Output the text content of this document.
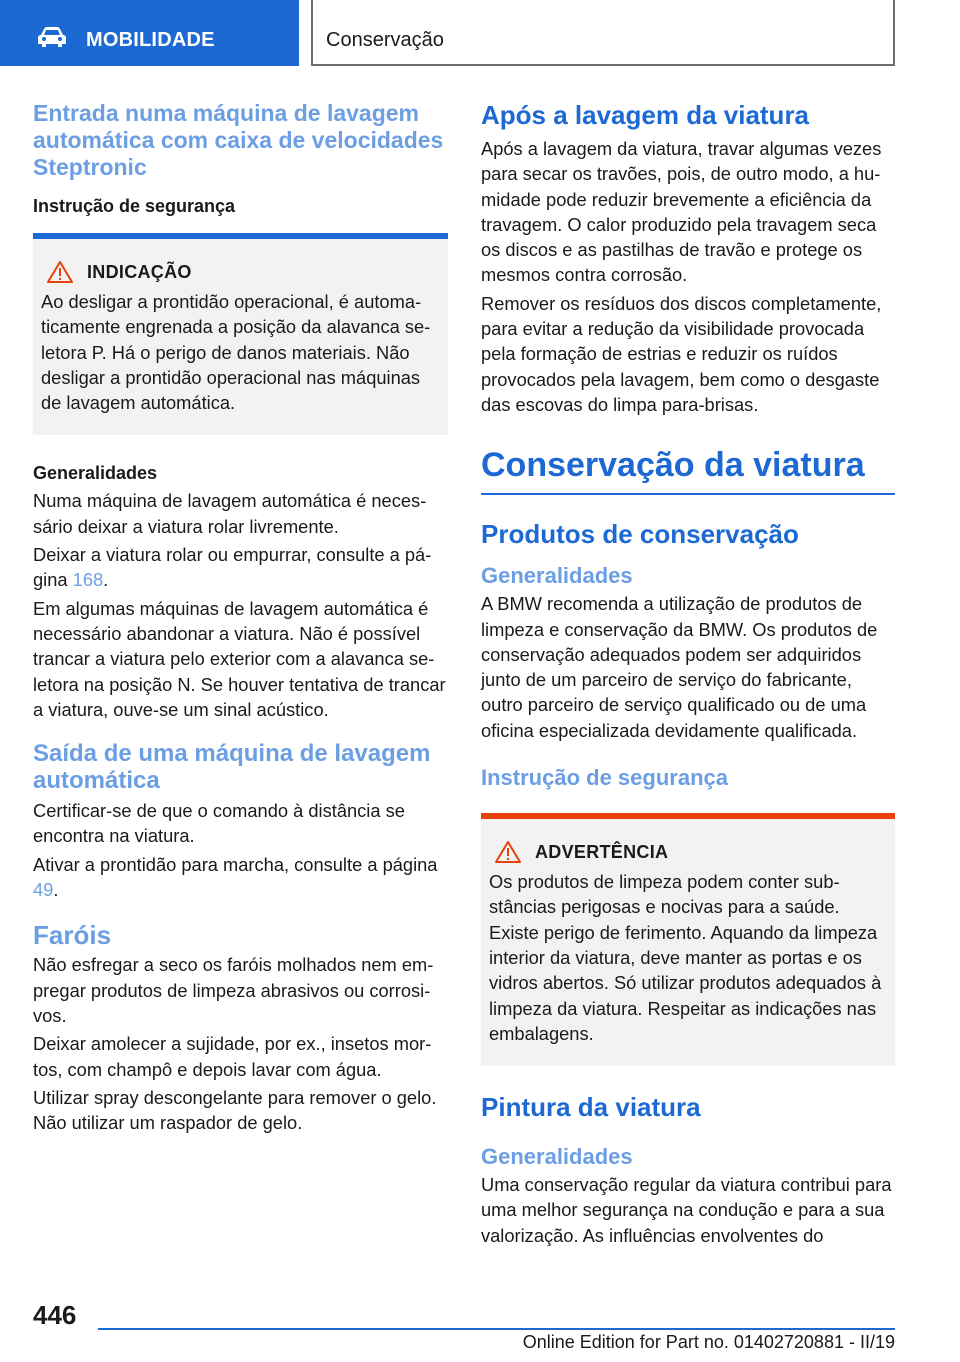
MOBILIDADE	Conservação
Entrada numa máquina de lavagem automática com caixa de velocidades Steptronic
Instrução de segurança
INDICAÇÃO
Ao desligar a prontidão operacional, é automaticamente engrenada a posição da alavanca seletora P. Há o perigo de danos materiais. Não desligar a prontidão operacional nas máquinas de lavagem automática.
Generalidades
Numa máquina de lavagem automática é necessário deixar a viatura rolar livremente.
Deixar a viatura rolar ou empurrar, consulte a página 168.
Em algumas máquinas de lavagem automática é necessário abandonar a viatura. Não é possível trancar a viatura pelo exterior com a alavanca seletora na posição N. Se houver tentativa de trancar a viatura, ouve-se um sinal acústico.
Saída de uma máquina de lavagem automática
Certificar-se de que o comando à distância se encontra na viatura.
Ativar a prontidão para marcha, consulte a página 49.
Faróis
Não esfregar a seco os faróis molhados nem empregar produtos de limpeza abrasivos ou corrosivos.
Deixar amolecer a sujidade, por ex., insetos mortos, com champô e depois lavar com água.
Utilizar spray descongelante para remover o gelo. Não utilizar um raspador de gelo.
Após a lavagem da viatura
Após a lavagem da viatura, travar algumas vezes para secar os travões, pois, de outro modo, a humidade pode reduzir brevemente a eficiência da travagem. O calor produzido pela travagem seca os discos e as pastilhas de travão e protege os mesmos contra corrosão.
Remover os resíduos dos discos completamente, para evitar a redução da visibilidade provocada pela formação de estrias e reduzir os ruídos provocados pela lavagem, bem como o desgaste das escovas do limpa para-brisas.
Conservação da viatura
Produtos de conservação
Generalidades
A BMW recomenda a utilização de produtos de limpeza e conservação da BMW. Os produtos de conservação adequados podem ser adquiridos junto de um parceiro de serviço do fabricante, outro parceiro de serviço qualificado ou de uma oficina especializada devidamente qualificada.
Instrução de segurança
ADVERTÊNCIA
Os produtos de limpeza podem conter substâncias perigosas e nocivas para a saúde. Existe perigo de ferimento. Aquando da limpeza interior da viatura, deve manter as portas e os vidros abertos. Só utilizar produtos adequados à limpeza da viatura. Respeitar as indicações nas embalagens.
Pintura da viatura
Generalidades
Uma conservação regular da viatura contribui para uma melhor segurança na condução e para a sua valorização. As influências envolventes do
446
Online Edition for Part no. 01402720881 - II/19
